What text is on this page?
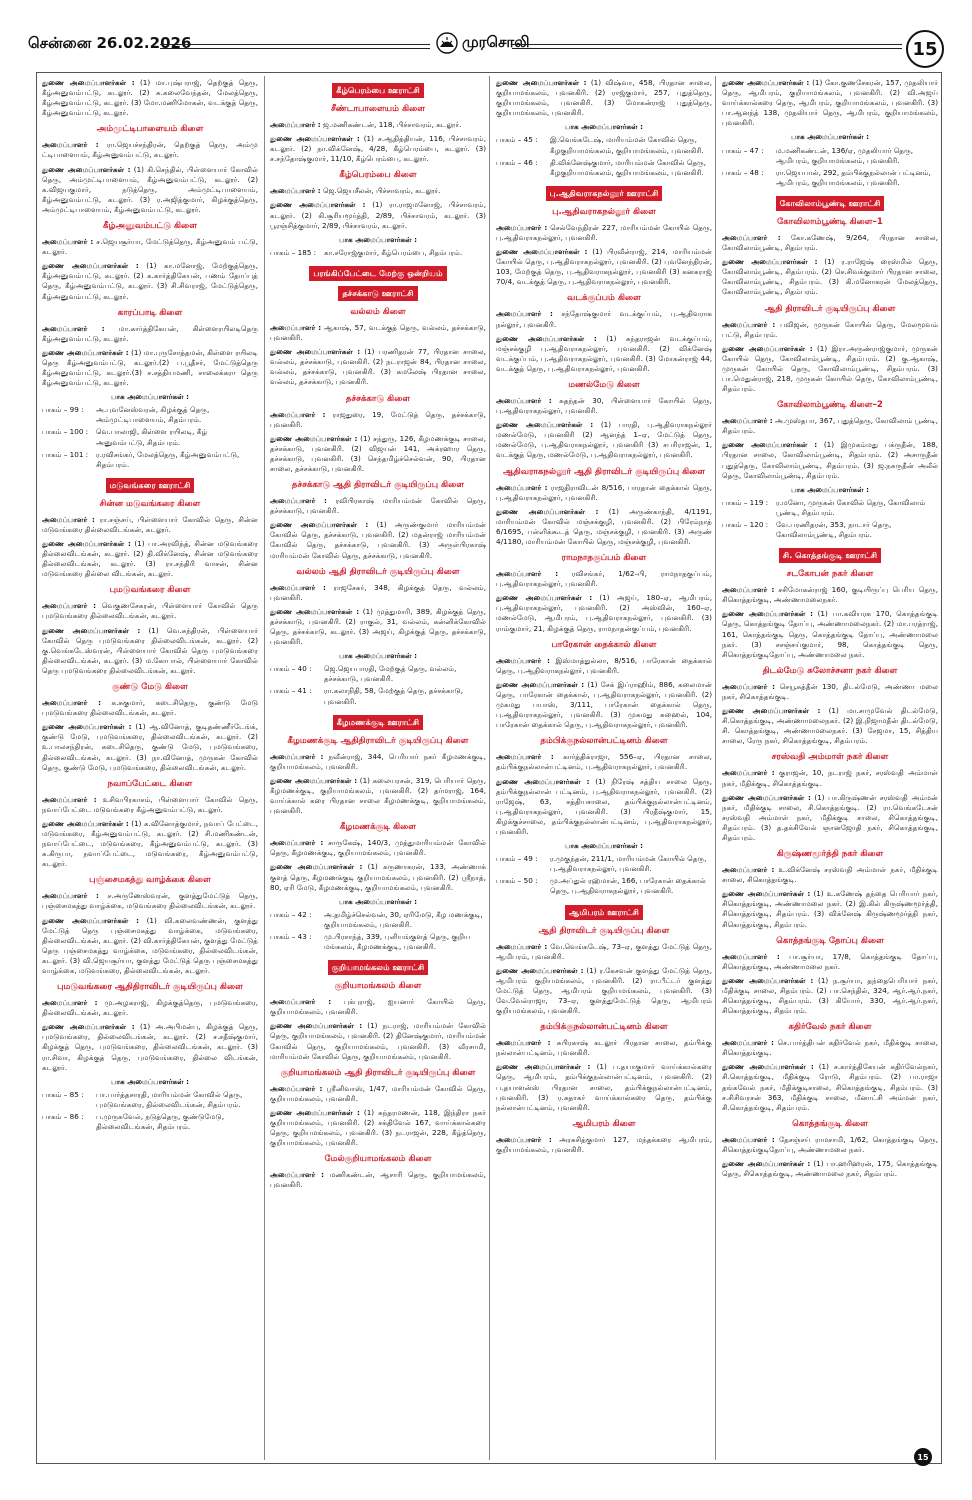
சென்னை 26.02.2026	முரசொலி	15
துணை அமைப்பாளர்கள் : (1) மா.புஷ்பராஜ், தெற்குத் தெரு, கீழ்அனுவம்பட்டு, கடலூர். (2) சு.கலைவேந்தன், மேலத்தெரு, கீழ்அனுவம்பட்டு, கடலூர். (3) மோ.மணிமோகன், வடக்குத் தெரு, கீழ்அனுவம்பட்டு, கடலூர்.
அம்முட்டிபாளையம் கிளை
அமைப்பாளர் : ரா.ஜெயச்சந்திரன், தெற்குத் தெரு, அம்மு ட்டிபாளையம், கீழ்அனுவம்பட்டு, கடலூர்.
துணை அமைப்பாளர்கள் : (1) கி.செந்தில், பிள்ளையார் கோவில் தெரு, அம்முட்டிபாளையம், கீழ்அனுவம்பட்டு, கடலூர். (2) க.விஜயகுமார், நடுத்தெரு, அம்முட்டிபாளையம், கீழ்அனுவம்பட்டு, கடலூர். (3) ர.அஜித்குமார், கிழக்குத்தெரு, அம்முட்டிபாளையம், கீழ்அனுவம்பட்டு, கடலூர்.
கீழ்அனுவம்பட்டு கிளை
அமைப்பாளர் : ச.ஜெயசூர்யா, மேட்டுத்தெரு, கீழ்அனுவம் பட்டு, கடலூர்.
துணை அமைப்பாளர்கள் : (1) கா.மனோஜ், மேற்குத்தெரு, கீழ்அனுவம்பட்டு, கடலூர். (2) க.கார்த்திகேயன், பணம் தோப்புத் தெரு, கீழ்அனுவம்பட்டு, கடலூர். (3) சி.சிவராஜ், மேட்டுத்தெரு, கீழ்அனுவம்பட்டு, கடலூர்.
காரப்பாடி கிளை
அமைப்பாளர் : மா.கார்த்திகேயன், கிள்ளைரயிலடிதெரு கீழ்அனுவம்பட்டு, கடலூர்.
துணை அமைப்பாளர்கள் : (1) மா.புருசோத்தமன், கிள்ளை ரயிலடி தெரு கீழ்அனுவம்பட்டு, கடலூர்.(2) ப.பூதீசர், மேட்டுத்தெரு கீழ்அனுவம்பட்டு, கடலூர்.(3) ச.சத்தியமணி, சாலைக்கரா தெரு கீழ்அனுவம்பட்டு, கடலூர்.
பாக அமைப்பாளர்கள் :
பாகம் – 99 :	அ.புவனேஸ்வரன், கிழக்குத் தெரு, அம்முட்டிபாளையம், சிதம்பரம்.
பாகம் – 100 :	வெ.பாலாஜி, கிள்ளை ரயிலடி, கீழ் அனுவம்பட்டு, சிதம்பரம்.
பாகம் – 101 :	ர.ரவிசங்கர், மேலத்தெரு, கீழ்அனுவம்பட்டு, சிதம்பரம்.
மடுவங்கரை ஊராட்சி
சின்ன மடுவங்கரை கிளை
அமைப்பாளர் : ரா.சஞ்சய், பிள்ளையார் கோவில் தெரு, சின்ன மடுவங்கரை தில்லைவிடங்கன், கடலூர்.
துணை அமைப்பாளர்கள் : (1) பா.அரவிந்த், சின்ன மடுவங்கரை தில்லைவிடங்கன், கடலூர். (2) தி.விக்னேஷ், சின்ன மடுவங்கரை தில்லைவிடங்கன், கடலூர். (3) ரா.சந்திரி வாசன், சின்ன மடுவங்கரை தில்லை விடங்கன், கடலூர்.
புமடுவங்கரை கிளை
அமைப்பாளர் : வெகுணசேகரன், பிள்ளையார் கோவில் தெரு புமடுவங்கரை தில்லைவிடங்கன், கடலூர்.
துணை அமைப்பாளர்கள் : (1) வெ.சுந்திரன், பிள்ளையார் கோவில் தெரு புமடுவங்கரை தில்லைவிடங்கன், கடலூர். (2) கு.வெங்கடேஸ்வரன், பிள்ளையார் கோவில் தெரு புமடுவங்கரை தில்லைவிடங்கன், கடலூர். (3) ம.கோபால், பிள்ளையார் கோவில் தெரு புமடுவங்கரை தில்லைவிடங்கன், கடலூர்.
குண்டு மேடு கிளை
அமைப்பாளர் : க.சுகுமார், கடைசிதெரு, குண்டு மேடு புமடுவங்கரை தில்லைவிடங்கன், கடலூர்.
துணை அமைப்பாளர்கள் : (1) ஆ.வினோத், குடிதண்ணீர்டேங்க், குண்டு மேடு, புமடுவங்கரை, தில்லைவிடங்கன், கடலூர். (2) உ.பாலசந்திரன், கடைசிதெரு, குண்டு மேடு, புமடுவங்கரை, தில்லைவிடங்கன், கடலூர். (3) நா.வினோத், முருகன் கோவில் தெரு, குண்டு மேடு, புமடுவங்கரை, தில்லைவிடங்கன், கடலூர்.
நவாப்பேட்டை கிளை
அமைப்பாளர் : உசிவபிரகாசம், பிள்ளையார் கோவில் தெரு, நவாப்பேட்டை மடுவங்கரை கீழ்அனுவம்பட்டு, கடலூர்.
துணை அமைப்பாளர்கள் : (1) க.வினோத்குமார், நவாப் பேட்டை, மடுவங்கரை, கீழ்அனுவம்பட்டு, கடலூர். (2) சி.மணிகண்டன், நவாப்பேட்டை, மடுவங்கரை, கீழ்அனுவம்பட்டு, கடலூர். (3) சு.கிருபா, நவாப்பேட்டை, மடுவங்கரை, கீழ்அனுவம்பட்டு, கடலூர்.
புஞ்சைமகத்து வாழ்க்கை கிளை
அமைப்பாளர் : ச.அருணேஸ்வரன், குளத்துமேட்டுத் தெரு, புஞ்சைமகத்து வாழ்க்கை, மடுவங்கரை தில்லைவிடங்கன், கடலூர்.
துணை அமைப்பாளர்கள் : (1) வி.கலைவண்ணன், குளத்து மேட்டுத் தெரு புஞ்சைமகத்து வாழ்க்கை, மடுவங்கரை, தில்லைவிடங்கன், கடலூர். (2) வி.கார்த்திகேயன், குளத்து மேட்டுத் தெரு புஞ்சைமகத்து வாழ்க்கை, மடுவங்கரை, தில்லைவிடங்கன், கடலூர். (3) வி.ஜெயசூர்யா, குளத்து மேட்டுத் தெரு புஞ்சைமகத்து வாழ்க்கை, மடுவங்கரை, தில்லைவிடங்கன், கடலூர்.
புமடுவங்கரை ஆதிதிராவிடர் குடியிருப்பு கிளை
அமைப்பாளர் : மு.அழகராஜ், கிழக்குத்தெரு, புமடுவங்கரை, தில்லைவிடங்கன், கடலூர்.
துணை அமைப்பாளர்கள் : (1) அ.அபிமன்பு, கிழக்குத் தெரு, புமடுவங்கரை, தில்லைவிடங்கன், கடலூர். (2) ச.சதீஷ்குமார், கிழக்குத் தெரு, புமடுவங்கரை, தில்லைவிடங்கன், கடலூர். (3) ரா.சிவா, கிழக்குத் தெரு, புமடுவங்கரை, தில்லை விடங்கன், கடலூர்.
பாக அமைப்பாளர்கள் :
பாகம் – 85 :	பா.பார்த்தசாரதி, மாரியம்மன் கோவில் தெரு, புமடுவங்கரை, தில்லைவிடங்கன், சிதம்பரம்.
பாகம் – 86 :	ப.முருகவேல், நடுத்தெரு, குண்டுமேடு, தில்லைவிடங்கன், சிதம்பரம்.
கீழ்பெரம்பை ஊராட்சி
சீண்டாபாளையம் கிளை
அமைப்பாளர் : ஜ.மணிகண்டன், 118, பிச்சாவரம், கடலூர்.
துணை அமைப்பாளர்கள் : (1) ச.ஆதித்தியன், 116, பிச்சாவரம், கடலூர். (2) நா.விக்னேஷ், 4/28, கீழ்பெரம்பை, கடலூர். (3) ச.சந்தோஷ்குமார், 11/10, கீழ்பெரம்பை, கடலூர்.
கீழ்பெரம்பை கிளை
அமைப்பாளர் : ஜெ.ஜெயசீலன், பிச்சாவரம், கடலூர்.
துணை அமைப்பாளர்கள் : (1) ரா.ராஜமனோஜ், பிச்சாவரம், கடலூர். (2) கி.சூரியமூர்த்தி, 2/89, பிச்சாவரம், கடலூர். (3) பூரஞ்சித்குமார், 2/89, பிச்சாவரம், கடலூர்.
பாக அமைப்பாளர்கள் :
பாகம் – 185 :	கா.சரோஜ்குமார், கீழ்பெரம்பை, சிதம்பரம்.
பரங்கிப்பேட்டை மேற்கு ஒன்றியம்
தச்சக்காடு ஊராட்சி
வல்லம் கிளை
அமைப்பாளர் : ஆகாஷ், 57, வடக்குத் தெரு, வல்லம், தச்சக்காடு, புவனகிரி.
துணை அமைப்பாளர்கள் : (1) பரணிதரன் 77, பிரதான சாலை, வல்லம், தச்சக்காடு, புவனகிரி. (2) நடராஜன் 84, பிரதான சாலை, வல்லம், தச்சக்காடு, புவனகிரி. (3) கமலேஷ் பிரதான சாலை, வல்லம், தச்சக்காடு, புவனகிரி.
தச்சக்காடு கிளை
அமைப்பாளர் : ராஜதுரை, 19, மேட்டுத் தெரு, தச்சக்காடு, புவனகிரி.
துணை அமைப்பாளர்கள் : (1) சந்துரு, 126, கீழமணக்குடி சாலை, தச்சக்காடு, புவனகிரி. (2) விஜயன் 141, அக்ரஹார தெரு, தச்சக்காடு, புவனகிரி. (3) செந்தமிழ்ச்செல்வன், 90, பிரதான சாலை, தச்சக்காடு, புவனகிரி.
தச்சக்காடு ஆதி திராவிடர் குடியிருப்பு கிளை
அமைப்பாளர் : ரவிபிரகாஷ் மாரியம்மன் கோவில் தெரு, தச்சக்காடு, புவனகிரி.
துணை அமைப்பாளர்கள் : (1) அருண்குமார் மாரியம்மன் கோவில் தெரு, தச்சக்காடு, புவனகிரி. (2) மதன்ராஜ் மாரியம்மன் கோவில் தெரு, தச்சக்காடு, புவனகிரி. (3) அருள்பிரகாஷ் மாரியம்மன் கோவில் தெரு, தச்சக்காடு, புவனகிரி.
வல்லம் ஆதி திராவிடர் குடியிருப்பு கிளை
அமைப்பாளர் : ராஜசேகர், 348, கிழக்குத் தெரு, வல்லம், புவனகிரி.
துணை அமைப்பாளர்கள் : (1) முத்துமாரி, 389, கிழக்குத் தெரு, தச்சக்காடு, புவனகிரி. (2) ராகுல், 31, வல்லம், கன்னிக்கோவில் தெரு, தச்சக்காடு, கடலூர். (3) அஜய், கிழக்குத் தெரு, தச்சக்காடு, புவனகிரி.
பாக அமைப்பாளர்கள் :
பாகம் – 40 :	ஜெ.ஜெயபாரதி, மேற்குத் தெரு, வல்லம், தச்சக்காடு, புவனகிரி.
பாகம் – 41 :	ரா.கலாநிதி, 58, மேற்குத் தெரு, தச்சக்காடு, புவனகிரி.
கீழமணக்குடி ஊராட்சி
கீழமணக்குடி ஆதிதிராவிடர் குடியிருப்பு கிளை
அமைப்பாளர் : நவீன்ராஜ், 344, பெரியார் நகர் கீழமணக்குடி, குறியாமங்கலம், புவனகிரி.
துணை அமைப்பாளர்கள் : (1) கலையரசன், 319, பெரியார் தெரு, கீழமணக்குடி, குறியாமங்கலம், புவனகிரி. (2) தர்மராஜ், 164, வாய்க்கால் கரை பிரதான சாலை கீழமணக்குடி, குறியாமங்கலம், புவனகிரி.
கீழமணக்குடி கிளை
அமைப்பாளர் : சாருகேஷ், 140/3, முத்துமாரியம்மன் கோவில் தெரு, கீழமணக்குடி, குறியாமங்கலம், புவனகிரி.
துணை அமைப்பாளர்கள் : (1) கருணாகரன், 133, அண்ணாக் குளத் தெரு, கீழமணக்குடி குறியாமங்கலம், புவனகிரி. (2) ஸ்ரீநாத், 80, ஏரி மேடு, கீழமணக்குடி, குறியாமங்கலம், புவனகிரி.
பாக அமைப்பாளர்கள் :
பாகம் – 42 :	அ.தமிழ்ச்செல்வன், 30, ஏரிமேடு, கீழ மணக்குடி, குறியாமங்கலம், புவனகிரி.
பாகம் – 43 :	மு.பிரசாந்த், 339, புளியங்குளத் தெரு, குறிய மங்கலம், கீழமணக்குடி, புவனகிரி.
குறியாமங்கலம் ஊராட்சி
குறியாமங்கலம் கிளை
அமைப்பாளர் : புக்புராஜ், ஐயனார் கோயில் தெரு, குறியாமங்கலம், புவனகிரி.
துணை அமைப்பாளர்கள் : (1) நடராஜ், மாரியம்மன் கோவில் தெரு, குறியாமங்கலம், புவனகிரி. (2) தினேஷ்குமார், மாரியம்மன் கோவில் தெரு, குறியாமங்கலம், புவனகிரி. (3) வீரசாமி, மாரியம்மன் கோவில் தெரு, குறியாமங்கலம், புவனகிரி.
குறியாமங்கலம் ஆதி திராவிடர் குடியிருப்பு கிளை
அமைப்பாளர் : ஸ்ரீனிவாஸ், 1/47, மாரியம்மன் கோவில் தெரு, குறியாமங்கலம், புவனகிரி.
துணை அமைப்பாளர்கள் : (1) சுந்தரமணன், 118, இந்திரா நகர் குறியாமங்கலம், புவனகிரி. (2) சக்திவேல் 167, வாய்க்கால்கரை தெரு, குறியமங்கலம், புவனகிரி. (3) நடராஜன், 228, கீழ்த்தெரு, குறியாமங்கலம், புவனகிரி.
மேல்குறியாமங்கலம் கிளை
அமைப்பாளர் : மணிகண்டன், ஆசாரி தெரு, குறியாமங்கலம், புவனகிரி.
துணை அமைப்பாளர்கள் : (1) விஷ்வா, 458, பிரதான சாலை, குறியாமங்கலம், புவனகிரி. (2) ராஜ்குமார், 257, புதுத்தெரு, குறியாமங்கலம், புவனகிரி. (3) மோகன்ராஜ் புதுத்தெரு, குறியாமங்கலம், புவனகிரி.
பாக அமைப்பாளர்கள் :
பாகம் – 45 :	இ.வெங்கடேஷ், மாரியம்மன் கோவில் தெரு, கீழகுறியாமங்கலம், குறியாமங்கலம், புவனகிரி.
பாகம் – 46 :	தி.விக்னேஷ்குமார், மாரியம்மன் கோவில் தெரு, கீழகுறியாமங்கலம், குறியாமங்கலம், புவனகிரி.
பு.ஆதிவராகநல்லூர் ஊராட்சி
பு.ஆதிவராகநல்லூர் கிளை
அமைப்பாளர் : செல்வேந்திரன் 227, மாரியம்மன் கோயில் தெரு, பு.ஆதிவராகநல்லூர், புவனகிரி.
துணை அமைப்பாளர்கள் : (1) பிரவீன்ராஜ், 214, மாரியம்மன் கோயில் தெரு, பு.ஆதிவராகநல்லூர், புவனகிரி. (2) புவனேந்திரன், 103, மேற்குத் தெரு, பு.ஆதிவராகநல்லூர், புவனகிரி (3) கனகராஜ் 70/4, வடக்குத் தெரு, பு.ஆதிவராகநல்லூர், புவனகிரி.
வடக்குப்பம் கிளை
அமைப்பாளர் : சந்தோஷ்குமார் வடக்குப்பம், பு.ஆதிவராக நல்லூர், புவனகிரி.
துணை அமைப்பாளர்கள் : (1) சுந்தராஜன் வடக்குப்பம், மஞ்சக்குழி பு.ஆதிவராகநல்லூர், புவனகிரி. (2) விக்னேஷ் வடக்குப்பம், பு.ஆதிவராகநல்லூர், புவனகிரி. (3) மோகன்ராஜ் 44, வடக்குத் தெரு, பு.ஆதிவராகநல்லூர், புவனகிரி.
மணல்மேடு கிளை
அமைப்பாளர் : சுதந்தன் 30, பிள்ளையார் கோயில் தெரு, பு.ஆதிவராகநல்லூர், புவனகிரி.
துணை அமைப்பாளர்கள் : (1) பாரதி, பு.ஆதிவராகநல்லூர் மணல்மேடு, புவனகிரி (2) ஆனந்த் 1–ஏ, மேட்டுத் தெரு, மணல்மேடு, பு.ஆதிவராகநல்லூர், புவனகிரி (3) சபரிராஜன், 1, வடக்குத் தெரு, மணல்மேடு, பு.ஆதிவராகநல்லூர், புவனகிரி.
ஆதிவராகநல்லூர் ஆதி திராவிடர் குடியிருப்பு கிளை
அமைப்பாளர் : ராஜதிராவிடன் 8/516, பாரதான் தைக்கால் தெரு, பு.ஆதிவராகநல்லூர், புவனகிரி.
துணை அமைப்பாளர்கள் : (1) அருண்காந்தி, 4/1191, மாரியம்மன் கோவில் மஞ்சக்குழி, புவனகிரி. (2) பிரேம்நாத் 6/1695, பள்ளிக்கூடத் தெரு, மஞ்சக்குழி, புவனகிரி. (3) அருண் 4/1180, மாரியம்மன் கோயில் தெரு, மஞ்சக்குழி, புவனகிரி.
ராமநாதகுப்பம் கிளை
அமைப்பாளர் : ரவிசங்கர், 1/62–பி, ராமநாதகுப்பம், பு.ஆதிவராகநல்லூர், புவனகிரி.
துணை அமைப்பாளர்கள் : (1) அஜய், 180–ஏ, ஆமிபரம், பு.ஆதிவராகநல்லூர், புவனகிரி. (2) அஸ்வின், 160–ஏ, மணல்மேடு, ஆமிபரம், பு.ஆதிவராகநல்லூர், புவனகிரி. (3) ராம்குமார், 21, கிழக்குத் தெரு, ராமநாதன்குப்பம், புவனகிரி.
பாரேகான் தைக்கால் கிளை
அமைப்பாளர் : இஸ்மாத்துல்லா, 8/516, பாரேகான் தைக்கால் தெரு, பு.ஆதிவராகநல்லூர், புவனகிரி.
துணை அமைப்பாளர்கள் : (1) சேக் இப்ராஹிம், 886, கலைமான் தெரு, பாரேகான் தைக்கால், பு.ஆதிவராகநல்லூர், புவனகிரி. (2) முகமது பயாஸ், 3/111, பாரேகான் தைக்கால் தெரு, பு.ஆதிவராகநல்லூர், புவனகிரி. (3) முகமது சுஹைல், 104, பாரேகான் தைக்கால் தெரு, பு.ஆதிவராகநல்லூர், புவனகிரி.
தம்பிக்குநல்லான்பட்டினம் கிளை
அமைப்பாளர் : கார்த்திக்ராஜா, 556–ஏ, பிரதான சாலை, தம்பிக்குநல்லான்பட்டினம், பு.ஆதிவராகநல்லூர், புவனகிரி.
துணை அமைப்பாளர்கள் : (1) நிரேஷ் சத்திய சாலை தெரு, தம்பிக்குநல்லான் பட்டினம், பு.ஆதிவராகநல்லூர், புவனகிரி. (2) ராஜேஷ், 63, சத்தியசாலை, தம்பிக்குநல்லான்பட்டினம், பு.ஆதிவராகநல்லூர், புவனகிரி. (3) பிரதீஷ்குமார், 15, கிழக்குச்சாலை, தம்பிக்குநல்லான்பட்டினம், பு.ஆதிவராகநல்லூர், புவனகிரி.
பாக அமைப்பாளர்கள் :
பாகம் – 49 :	ர.முகுந்தன், 211/1, மாரியம்மன் கோயில் தெரு, பு.ஆதிவராகநல்லூர், புவனகிரி.
பாகம் – 50 :	மு.அப்துல் ரஹ்மான், 166, பாரேகான் தைக்கால் தெரு, பு.ஆதிவராகநல்லூர், புவனகிரி.
ஆமிபரம் ஊராட்சி
ஆதி திராவிடர் குடியிருப்பு கிளை
அமைப்பாளர் : வே.வெங்கடேஷ், 73–ஏ, குளத்து மேட்டுத் தெரு, ஆமிபரம், புவனகிரி.
துணை அமைப்பாளர்கள் : (1) ர.கேசவன் குளத்து மேட்டுத் தெரு, ஆமிபரம் குறியமங்கலம், புவனகிரி. (2) ரா.பீட்டர் குளத்து மேட்டுத் தெரு, ஆமிபரம் குறியமங்கலம், புவனகிரி. (3) வே.வேல்ராஜா, 73–ஏ, குளத்துமேட்டுத் தெரு, ஆமிபரம் குறியமங்கலம், புவனகிரி.
தம்பிக்குநல்லான்பட்டினம் கிளை
அமைப்பாளர் : சுபிரகாஷ் கடலூர் பிரதான சாலை, தம்பிக்கு நல்லான்பட்டினம், புவனகிரி.
துணை அமைப்பாளர்கள் : (1) ப.தயாகுமார் வாய்க்கால்கரை தெரு, ஆமிபரம், தம்பிக்குநல்லான்பட்டினம், புவனகிரி. (2) ப.தயாளன்ஸ் பிரதான சாலை, தம்பிக்குநல்லான்பட்டினம், புவனகிரி. (3) ர.சுதாகர் வாய்க்கால்கரை தெரு, தம்பிக்கு நல்லான்பட்டினம், புவனகிரி.
ஆமிபரம் கிளை
அமைப்பாளர் : அரசுசித்குமார் 127, மந்தக்கரை ஆமிபரம், குறியாமங்கலம், புவனகிரி.
துணை அமைப்பாளர்கள் : (1) கோ.குணசேகரன், 157, முதலியார் தெரு, ஆமிபரம், குறியாமங்கலம், புவனகிரி. (2) வி.அஜய் வாய்க்கால்கரை தெரு, ஆமிபரம், குறியாமங்கலம், புவனகிரி. (3) பா.ஆனந்த் 138, முதலியார் தெரு, ஆமிபரம், குறியாமங்கலம், புவனகிரி.
பாக அமைப்பாளர்கள் :
பாகம் – 47 :	ம.மணிகண்டன், 136/ஏ, முதலியார் தெரு, ஆமிபரம், குறியாமங்கலம், புவனகிரி.
பாகம் – 48 :	ரா.ஜெயபால், 292, தம்பிக்குநல்லான் பட்டினம், ஆமிபரம், குறியாமங்கலம், புவனகிரி.
கோவிலாம்பூண்டி ஊராட்சி
கோவிலாம்பூண்டி கிளை–1
அமைப்பாளர் : கோ.கணேஷ், 9/264, பிரதான சாலை, கோவிலாம்பூண்டி, சிதம்பரம்.
துணை அமைப்பாளர்கள் : (1) ர.ராஜேஷ் ரைஸ்மில் தெரு, கோவிலாம்பூண்டி, சிதம்பரம். (2) செ.சிவக்குமார் பிரதான சாலை, கோவிலாம்பூண்டி, சிதம்பரம். (3) கி.மனோகரன் மேலத்தெரு, கோவிலாம்பூண்டி, சிதம்பரம்.
ஆதி திராவிடர் குடியிருப்பு கிளை
அமைப்பாளர் : பவிஜன், முருகன் கோயில் தெரு, மேலமூவம் பட்டு, சிதம்பரம்.
துணை அமைப்பாளர்கள் : (1) இரா.அருண்ராஜ்குமார், முருகன் கோயில் தெரு, கோவிலாம்பூண்டி, சிதம்பரம். (2) கு.ஆகாஷ், முருகன் கோயில் தெரு, கோவிலாம்பூண்டி, சிதம்பரம். (3) பா.மெதுன்ராஜ், 218, முருகன் கோயில் தெரு, கோவிலாம்பூண்டி, சிதம்பரம்.
கோவிலாம்பூண்டி கிளை–2
அமைப்பாளர் : அ.முஸ்தபா, 367, புதுத்தெரு, கோவிலாம் பூண்டி, சிதம்பரம்.
துணை அமைப்பாளர்கள் : (1) இமுகம்மது பக்ருதீன், 188, பிரதான சாலை, கோவிலாம்பூண்டி, சிதம்பரம். (2) அசாருதீன் புதுத்தெரு, கோவிலாம்பூண்டி, சிதம்பரம். (3) ஜ.நசுருதீன் அலீல் தெரு, கோவிலாம்பூண்டி, சிதம்பரம்.
பாக அமைப்பாளர்கள் :
பாகம் – 119 :	ர.மனோ, முருகன் கோவில் தெரு, கோவிலாம் பூண்டி, சிதம்பரம்.
பாகம் – 120 :	வே.பரணிதரன், 353, நாடார் தெரு, கோவிலாம்பூண்டி, சிதம்பரம்.
சி. கொத்தங்குடி ஊராட்சி
சடகோபன் நகர் கிளை
அமைப்பாளர் : சசிமோகன்ராஜ் 160, குடியிருப்பு பெரிய தெரு, சிகொத்தங்குடி, அண்ணாமலைநகர்.
துணை அமைப்பாளர்கள் : (1) பா.கவியரசு 170, கொத்தங்குடி தெரு, கொத்தங்குடி தோப்பு, அண்ணாமலைநகர். (2) மா.பரத்ராஜ், 161, கொத்தங்குடி தெரு, கொத்தங்குடி தோப்பு, அண்ணாமலை நகர். (3) சசஞ்சய்குமார், 98, கொத்தங்குடி தெரு, சிகொத்தங்குடிதோப்பு, அண்ணாமலை நகர்.
திடல்மேடு சுலோச்சனா நகர் கிளை
அமைப்பாளர் : செயூசுத்தீன் 130, திடல்மேடு, அண்ணா மலை நகர், சிகொத்தங்குடி.
துணை அமைப்பாளர்கள் : (1) மா.சாமுவேல் திடல்மேடு, சி.கொத்தங்குடி, அண்ணாமலைநகர். (2) இ.நிஜாமதீன் திடல்மேடு, சி. கொத்தங்குடி, அண்ணாமலைநகர். (3) சேஜமா, 15, சித்திய சாலை, ரேரு நகர், சிகொத்தங்குடி, சிதம்பரம்.
சரஸ்வதி அம்மாள் நகர் கிளை
அமைப்பாளர் : குராஜன், 10, நடராஜ் நகர், சரஸ்வதி அம்மாள் நகர், மீதிக்குடி, சிகொத்தங்குடி.
துணை அமைப்பாளர்கள் : (1) பா.கிருஷ்ணன் சரஸ்வதி அம்மன் நகர், மீதிக்குடி சாலை, சி.கொத்தங்குடி. (2) ரா.வெங்கடேசன் சரஸ்வதி அம்மாள் நகர், மீதிக்குடி சாலை, சிகொத்தங்குடி, சிதம்பரம். (3) த.தக்சிவேல் ஞானஜோதி நகர், சிகொத்தங்குடி, சிதம்பரம்.
கிருஷ்ணமூர்த்தி நகர் கிளை
அமைப்பாளர் : உ.விக்னேஷ் சரஸ்வதி அம்மாள் நகர், மீதிக்குடி சாலை, சிகொத்தங்குடி.
துணை அமைப்பாளர்கள் : (1) உ.கணேஷ் தந்தை பெரியார் நகர், சிகொத்தங்குடி, அண்ணாமலை நகர். (2) இ.கில் கிருஷ்ணமூர்த்தி, சிகொத்தங்குடி, சிதம்பரம். (3) விக்னேஷ் கிருஷ்ணமூர்த்தி நகர், சிகொத்தங்குடி, சிதம்பரம்.
கொத்தங்குடி தோப்பு கிளை
அமைப்பாளர் : பா.சூர்யா, 17/8, கொத்தங்குடி தோப்பு, சிகொத்தங்குடி, அண்ணாமலை நகர்.
துணை அமைப்பாளர்கள் : (1) ந.சூர்யா, தந்தைபெரியார் நகர், மீதிக்குடி சாலை, சிதம்பரம். (2) பா.செந்தில், 324, ஆர்.ஆர்.நகர், சிகொத்தங்குடி, சிதம்பரம். (3) கியோர், 330, ஆர்.ஆர்.நகர், சிகொத்தங்குடி, சிதம்பரம்.
கதிர்வேல் நகர் கிளை
அமைப்பாளர் : செ.பார்த்திபன் கதிர்வேல் நகர், மீதிக்குடி சாலை, சிகொத்தங்குடி.
துணை அமைப்பாளர்கள் : (1) ச.கார்த்திகேயன் கதிர்வேல்நகர், சி.கொத்தங்குடி, மீதிக்குடி ரோடு, சிதம்பரம். (2) பா.ராஜா தங்கவேல் நகர், மீதிக்குடிசாலை, சிகொத்தங்குடி, சிதம்பரம். (3) ச.சிசிவரசன் 363, மீதிக்குடி சாலை, மீனாட்சி அம்மன் நகர், சி.கொத்தங்குடி, சிதம்பரம்.
கொத்தங்குடி கிளை
அமைப்பாளர் : தேசஞ்சய் ராமசாமி, 1/62, கொத்தங்குடி தெரு, சிகொத்தங்குடிதோப்பு, அண்ணாமலை நகர்.
துணை அமைப்பாளர்கள் : (1) பா.ஹரிஹரன், 175, கொத்தங்குடி தெரு, சிகொத்தங்குடி, அண்ணாமலை நகர், சிதம்பரம்.
15
